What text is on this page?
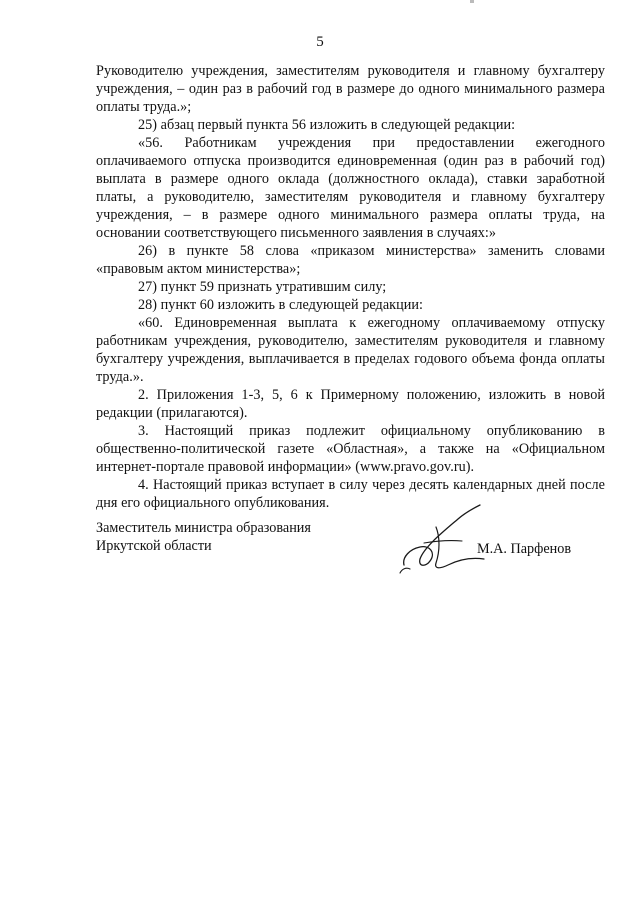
5

Руководителю учреждения, заместителям руководителя и главному бухгалтеру учреждения, – один раз в рабочий год в размере до одного минимального размера оплаты труда.»;

25) абзац первый пункта 56 изложить в следующей редакции:

«56. Работникам учреждения при предоставлении ежегодного оплачиваемого отпуска производится единовременная (один раз в рабочий год) выплата в размере одного оклада (должностного оклада), ставки заработной платы, а руководителю, заместителям руководителя и главному бухгалтеру учреждения, – в размере одного минимального размера оплаты труда, на основании соответствующего письменного заявления в случаях:»

26) в пункте 58 слова «приказом министерства» заменить словами «правовым актом министерства»;

27) пункт 59 признать утратившим силу;

28) пункт 60 изложить в следующей редакции:

«60. Единовременная выплата к ежегодному оплачиваемому отпуску работникам учреждения, руководителю, заместителям руководителя и главному бухгалтеру учреждения, выплачивается в пределах годового объема фонда оплаты труда.».

2. Приложения 1-3, 5, 6 к Примерному положению, изложить в новой редакции (прилагаются).

3. Настоящий приказ подлежит официальному опубликованию в общественно-политической газете «Областная», а также на «Официальном интернет-портале правовой информации» (www.pravo.gov.ru).

4. Настоящий приказ вступает в силу через десять календарных дней после дня его официального опубликования.

Заместитель министра образования
Иркутской области	М.А. Парфенов
